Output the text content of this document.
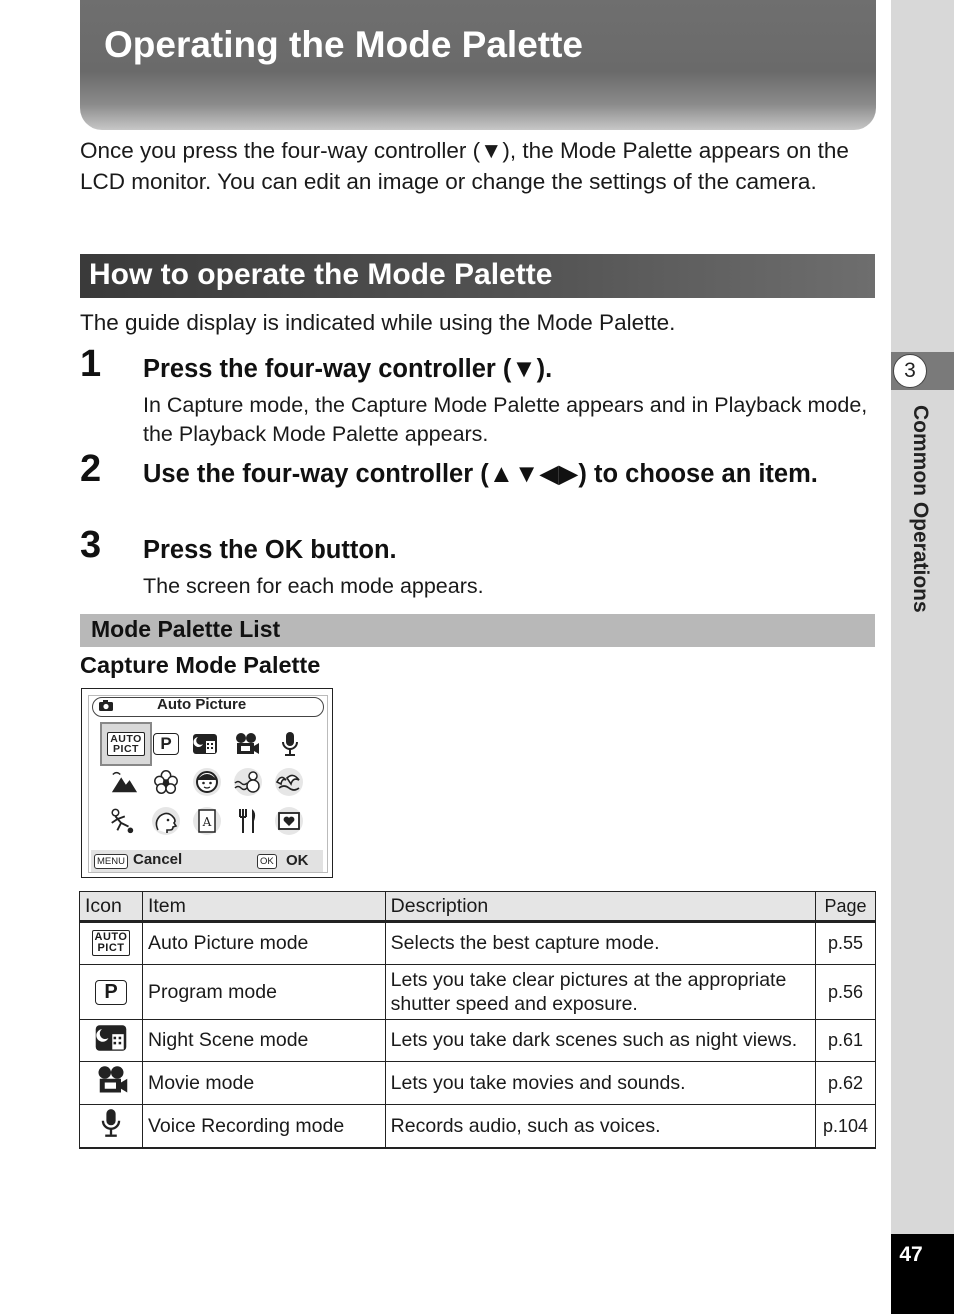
Operating the Mode Palette
3
Common Operations
47
Once you press the four-way controller (▼), the Mode Palette appears on the LCD monitor. You can edit an image or change the settings of the camera.
How to operate the Mode Palette
The guide display is indicated while using the Mode Palette.
1 Press the four-way controller (▼).
In Capture mode, the Capture Mode Palette appears and in Playback mode, the Playback Mode Palette appears.
2 Use the four-way controller (▲▼◀▶) to choose an item.
3 Press the OK button.
The screen for each mode appears.
Mode Palette List
Capture Mode Palette
Auto Picture
AUTO
PICT	P
A
MENU Cancel	OK OK
Icon	Item	Description	Page
AUTO
PICT	Auto Picture mode	Selects the best capture mode.	p.55
P	Program mode	Lets you take clear pictures at the appropriate shutter speed and exposure.	p.56
	Night Scene mode	Lets you take dark scenes such as night views.	p.61
	Movie mode	Lets you take movies and sounds.	p.62
	Voice Recording mode	Records audio, such as voices.	p.104
